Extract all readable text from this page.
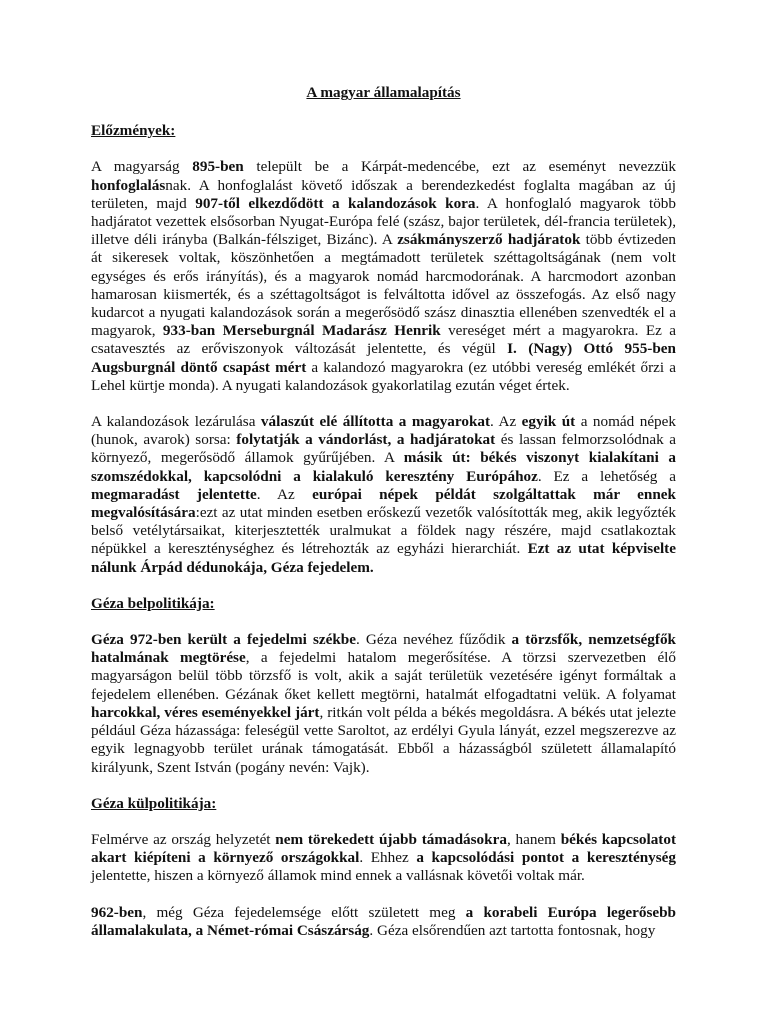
A magyar államalapítás

Előzmények:

A magyarság 895-ben települt be a Kárpát-medencébe, ezt az eseményt nevezzük honfoglalásnak. A honfoglalást követő időszak a berendezkedést foglalta magában az új területen, majd 907-től elkezdődött a kalandozások kora. A honfoglaló magyarok több hadjáratot vezettek elsősorban Nyugat-Európa felé (szász, bajor területek, dél-francia területek), illetve déli irányba (Balkán-félsziget, Bizánc). A zsákmányszerző hadjáratok több évtizeden át sikeresek voltak, köszönhetően a megtámadott területek széttagoltságának (nem volt egységes és erős irányítás), és a magyarok nomád harcmodorának. A harcmodort azonban hamarosan kiismerték, és a széttagoltságot is felváltotta idővel az összefogás. Az első nagy kudarcot a nyugati kalandozások során a megerősödő szász dinasztia ellenében szenvedték el a magyarok, 933-ban Merseburgnál Madarász Henrik vereséget mért a magyarokra. Ez a csatavesztés az erőviszonyok változását jelentette, és végül I. (Nagy) Ottó 955-ben Augsburgnál döntő csapást mért a kalandozó magyarokra (ez utóbbi vereség emlékét őrzi a Lehel kürtje monda). A nyugati kalandozások gyakorlatilag ezután véget értek.

A kalandozások lezárulása válaszút elé állította a magyarokat. Az egyik út a nomád népek (hunok, avarok) sorsa: folytatják a vándorlást, a hadjáratokat és lassan felmorzsolódnak a környező, megerősödő államok gyűrűjében. A másik út: békés viszonyt kialakítani a szomszédokkal, kapcsolódni a kialakuló keresztény Európához. Ez a lehetőség a megmaradást jelentette. Az európai népek példát szolgáltattak már ennek megvalósítására:ezt az utat minden esetben erőskezű vezetők valósították meg, akik legyőzték belső vetélytársaikat, kiterjesztették uralmukat a földek nagy részére, majd csatlakoztak népükkel a kereszténységhez és létrehozták az egyházi hierarchiát. Ezt az utat képviselte nálunk Árpád dédunokája, Géza fejedelem.

Géza belpolitikája:

Géza 972-ben került a fejedelmi székbe. Géza nevéhez fűződik a törzsfők, nemzetségfők hatalmának megtörése, a fejedelmi hatalom megerősítése. A törzsi szervezetben élő magyarságon belül több törzsfő is volt, akik a saját területük vezetésére igényt formáltak a fejedelem ellenében. Gézának őket kellett megtörni, hatalmát elfogadtatni velük. A folyamat harcokkal, véres eseményekkel járt, ritkán volt példa a békés megoldásra. A békés utat jelezte például Géza házassága: feleségül vette Saroltot, az erdélyi Gyula lányát, ezzel megszerezve az egyik legnagyobb terület urának támogatását. Ebből a házasságból született államalapító királyunk, Szent István (pogány nevén: Vajk).

Géza külpolitikája:

Felmérve az ország helyzetét nem törekedett újabb támadásokra, hanem békés kapcsolatot akart kiépíteni a környező országokkal. Ehhez a kapcsolódási pontot a kereszténység jelentette, hiszen a környező államok mind ennek a vallásnak követői voltak már.

962-ben, még Géza fejedelemsége előtt született meg a korabeli Európa legerősebb államalakulata, a Német-római Császárság. Géza elsőrendűen azt tartotta fontosnak, hogy
